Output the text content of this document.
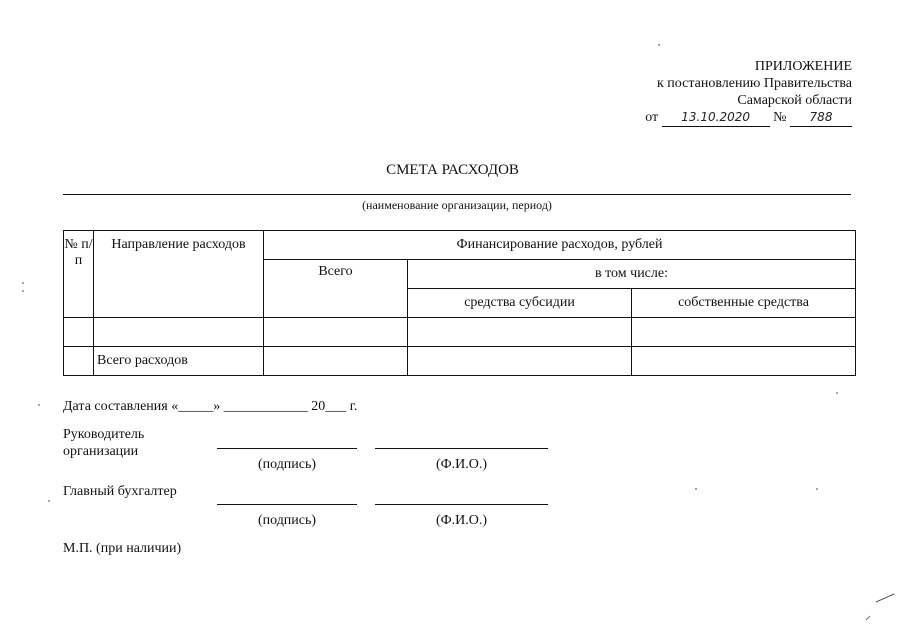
ПРИЛОЖЕНИЕ
к постановлению Правительства
Самарской области
от 13.10.2020 № 788
СМЕТА РАСХОДОВ
(наименование организации, период)
№ п/п	Направление расходов	Финансирование расходов, рублей		
		Всего	в том числе:	
			средства субсидии	собственные средства

	Всего расходов			
Дата составления «_____» ____________ 20___ г.
Руководитель
организации
(подпись)	(Ф.И.О.)
Главный бухгалтер
(подпись)	(Ф.И.О.)
М.П. (при наличии)
